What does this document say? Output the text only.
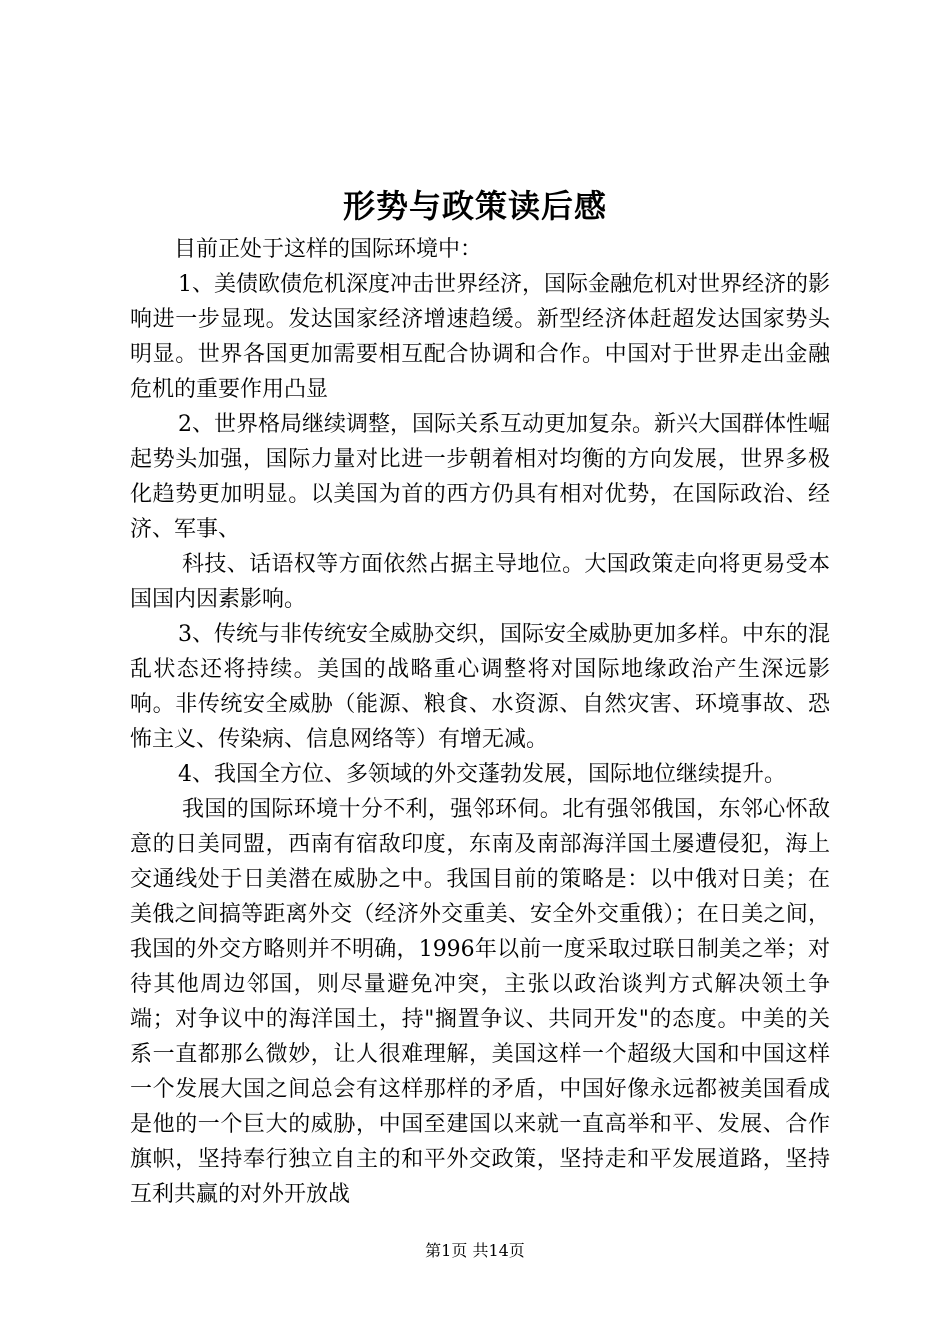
形势与政策读后感

目前正处于这样的国际环境中：

1、美债欧债危机深度冲击世界经济，国际金融危机对世界经济的影响进一步显现。发达国家经济增速趋缓。新型经济体赶超发达国家势头明显。世界各国更加需要相互配合协调和合作。中国对于世界走出金融危机的重要作用凸显

2、世界格局继续调整，国际关系互动更加复杂。新兴大国群体性崛起势头加强，国际力量对比进一步朝着相对均衡的方向发展，世界多极化趋势更加明显。以美国为首的西方仍具有相对优势，在国际政治、经济、军事、

科技、话语权等方面依然占据主导地位。大国政策走向将更易受本国国内因素影响。

3、传统与非传统安全威胁交织，国际安全威胁更加多样。中东的混乱状态还将持续。美国的战略重心调整将对国际地缘政治产生深远影响。非传统安全威胁（能源、粮食、水资源、自然灾害、环境事故、恐怖主义、传染病、信息网络等）有增无减。

4、我国全方位、多领域的外交蓬勃发展，国际地位继续提升。

我国的国际环境十分不利，强邻环伺。北有强邻俄国，东邻心怀敌意的日美同盟，西南有宿敌印度，东南及南部海洋国土屡遭侵犯，海上交通线处于日美潜在威胁之中。我国目前的策略是：以中俄对日美；在美俄之间搞等距离外交（经济外交重美、安全外交重俄）；在日美之间，我国的外交方略则并不明确，1996年以前一度采取过联日制美之举；对待其他周边邻国，则尽量避免冲突，主张以政治谈判方式解决领土争端；对争议中的海洋国土，持"搁置争议、共同开发"的态度。中美的关系一直都那么微妙，让人很难理解，美国这样一个超级大国和中国这样一个发展大国之间总会有这样那样的矛盾，中国好像永远都被美国看成是他的一个巨大的威胁，中国至建国以来就一直高举和平、发展、合作旗帜，坚持奉行独立自主的和平外交政策，坚持走和平发展道路，坚持互利共赢的对外开放战

第1页 共14页
